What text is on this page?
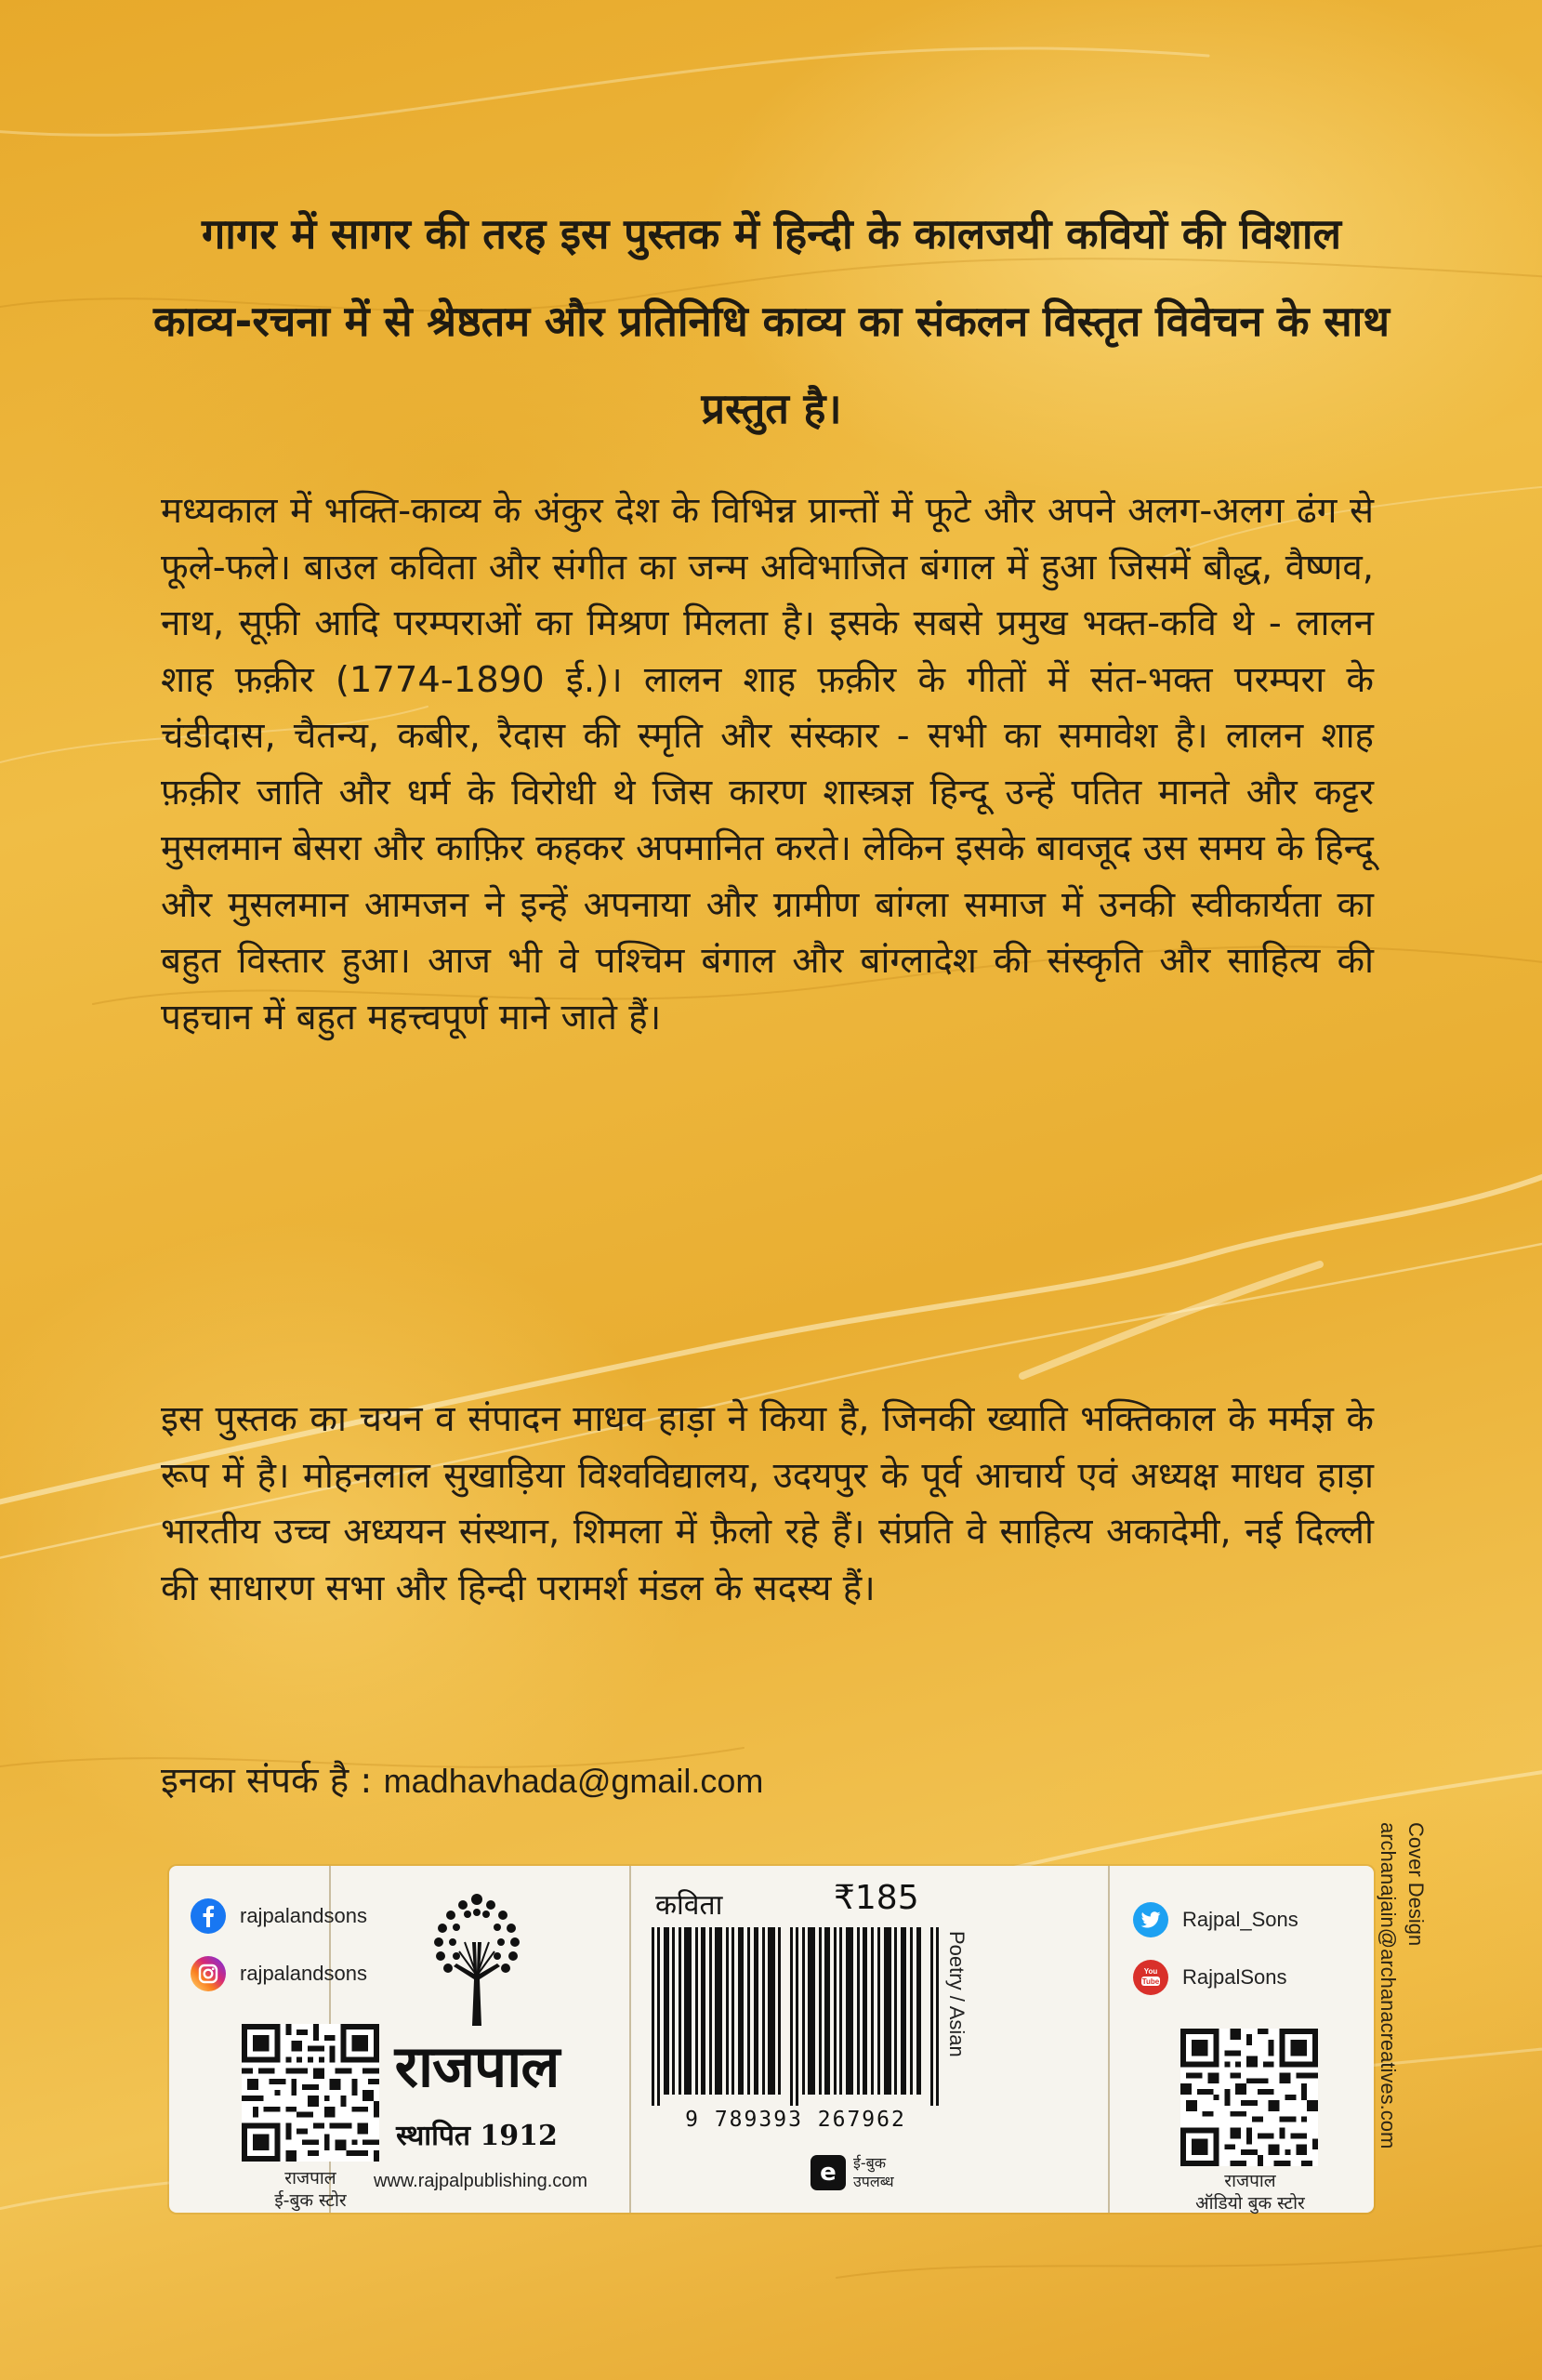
गागर में सागर की तरह इस पुस्तक में हिन्दी के कालजयी कवियों की विशाल काव्य-रचना में से श्रेष्ठतम और प्रतिनिधि काव्य का संकलन विस्तृत विवेचन के साथ प्रस्तुत है।

मध्यकाल में भक्ति-काव्य के अंकुर देश के विभिन्न प्रान्तों में फूटे और अपने अलग-अलग ढंग से फूले-फले। बाउल कविता और संगीत का जन्म अविभाजित बंगाल में हुआ जिसमें बौद्ध, वैष्णव, नाथ, सूफ़ी आदि परम्पराओं का मिश्रण मिलता है। इसके सबसे प्रमुख भक्त-कवि थे - लालन शाह फ़क़ीर (1774-1890 ई.)। लालन शाह फ़क़ीर के गीतों में संत-भक्त परम्परा के चंडीदास, चैतन्य, कबीर, रैदास की स्मृति और संस्कार - सभी का समावेश है। लालन शाह फ़क़ीर जाति और धर्म के विरोधी थे जिस कारण शास्त्रज्ञ हिन्दू उन्हें पतित मानते और कट्टर मुसलमान बेसरा और काफ़िर कहकर अपमानित करते। लेकिन इसके बावजूद उस समय के हिन्दू और मुसलमान आमजन ने इन्हें अपनाया और ग्रामीण बांग्ला समाज में उनकी स्वीकार्यता का बहुत विस्तार हुआ। आज भी वे पश्चिम बंगाल और बांग्लादेश की संस्कृति और साहित्य की पहचान में बहुत महत्त्वपूर्ण माने जाते हैं।

इस पुस्तक का चयन व संपादन माधव हाड़ा ने किया है, जिनकी ख्याति भक्तिकाल के मर्मज्ञ के रूप में है। मोहनलाल सुखाड़िया विश्वविद्यालय, उदयपुर के पूर्व आचार्य एवं अध्यक्ष माधव हाड़ा भारतीय उच्च अध्ययन संस्थान, शिमला में फ़ैलो रहे हैं। संप्रति वे साहित्य अकादेमी, नई दिल्ली की साधारण सभा और हिन्दी परामर्श मंडल के सदस्य हैं।

इनका संपर्क है : madhavhada@gmail.com

Cover Design
archanajain@archanacreatives.com
rajpalandsons
rajpalandsons
राजपाल
ई-बुक स्टोर
राजपाल
स्थापित 1912
www.rajpalpublishing.com
कविता	₹185
9 789393 267962
Poetry / Asian
e	ई-बुक उपलब्ध
Rajpal_Sons
You
Tube RajpalSons
राजपाल
ऑडियो बुक स्टोर
